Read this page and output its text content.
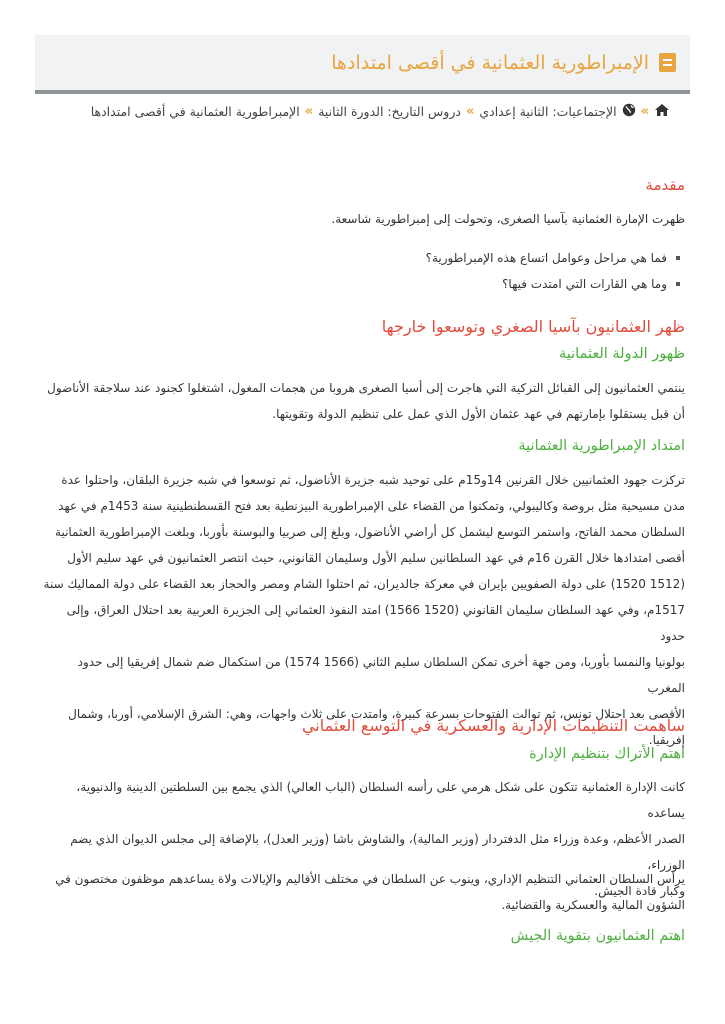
الإمبراطورية العثمانية في أقصى امتدادها
»
الإجتماعيات: الثانية إعدادي
»
دروس التاريخ: الدورة الثانية
»
الإمبراطورية العثمانية في أقصى امتدادها
مقدمة

ظهرت الإمارة العثمانية بآسيا الصغرى، وتحولت إلى إمبراطورية شاسعة.

فما هي مراحل وعوامل اتساع هذه الإمبراطورية؟
وما هي القارات التي امتدت فيها؟
ظهر العثمانيون بآسيا الصغري وتوسعوا خارجها
ظهور الدولة العثمانية
ينتمي العثمانيون إلى القبائل التركية التي هاجرت إلى أسيا الصغرى هروبا من هجمات المغول، اشتغلوا كجنود عند سلاجقة الأناضول
أن قبل يستقلوا بإمارتهم في عهد عثمان الأول الذي عمل على تنظيم الدولة وتقويتها.
امتداد الإمبراطورية العثمانية
تركزت جهود العثمانيين خلال القرنين 14و15م على توحيد شبه جزيرة الأناضول، ثم توسعوا في شبه جزيرة البلقان، واحتلوا عدة
مدن مسيحية مثل بروصة وكاليبولي، وتمكنوا من القضاء على الإمبراطورية البيزنطية بعد فتح القسطنطينية سنة 1453م في عهد
السلطان محمد الفاتح، واستمر التوسع ليشمل كل أراضي الأناضول، وبلغ إلى صربيا والبوسنة بأوربا، وبلغت الإمبراطورية العثمانية
أقصى امتدادها خلال القرن 16م في عهد السلطانين سليم الأول وسليمان القانوني، حيث انتصر العثمانيون في عهد سليم الأول
(1512 1520) على دولة الصفويين بإيران في معركة جالديران، ثم احتلوا الشام ومصر والحجاز بعد القضاء على دولة المماليك سنة
1517م، وفي عهد السلطان سليمان القانوني (1520 1566) امتد النفوذ العثماني إلى الجزيرة العربية بعد احتلال العراق، وإلى حدود
بولونيا والنمسا بأوربا، ومن جهة أخرى تمكن السلطان سليم الثاني (1566 1574) من استكمال ضم شمال إفريقيا إلى حدود المغرب
الأقصى بعد احتلال تونس، ثم توالت الفتوحات بسرعة كبيرة، وامتدت على ثلاث واجهات، وهي: الشرق الإسلامي، أوربا، وشمال
إفريقيا.
ساهمت التنظيمات الإدارية والعسكرية في التوسع العثماني
اهتم الأتراك بتنظيم الإدارة
كانت الإدارة العثمانية تتكون على شكل هرمي على رأسه السلطان (الباب العالي) الذي يجمع بين السلطتين الدينية والدنيوية، يساعده
الصدر الأعظم، وعدة وزراء مثل الدفتردار (وزير المالية)، والشاوش باشا (وزير العدل)، بالإضافة إلى مجلس الديوان الذي يضم الوزراء،
وكبار قادة الجيش.
يرأس السلطان العثماني التنظيم الإداري، وينوب عن السلطان في مختلف الأقاليم والإيالات ولاة يساعدهم موظفون مختصون في
الشؤون المالية والعسكرية والقضائية.
اهتم العثمانيون بتقوية الجيش
